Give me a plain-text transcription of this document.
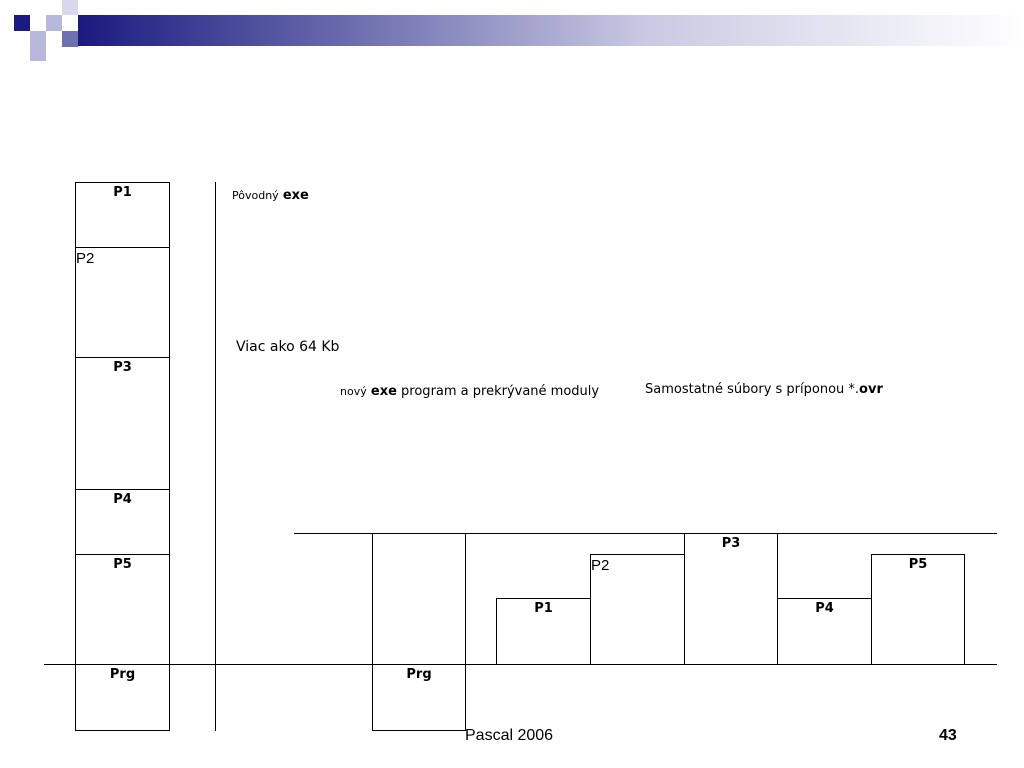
P1
P2
P3
P4
P5
Prg
Pôvodný exe
Viac ako 64 Kb
nový exe program a prekrývané moduly	Samostatné súbory s príponou *.ovr
Prg
P1
P2
P3
P4
P5
Pascal 2006	43
